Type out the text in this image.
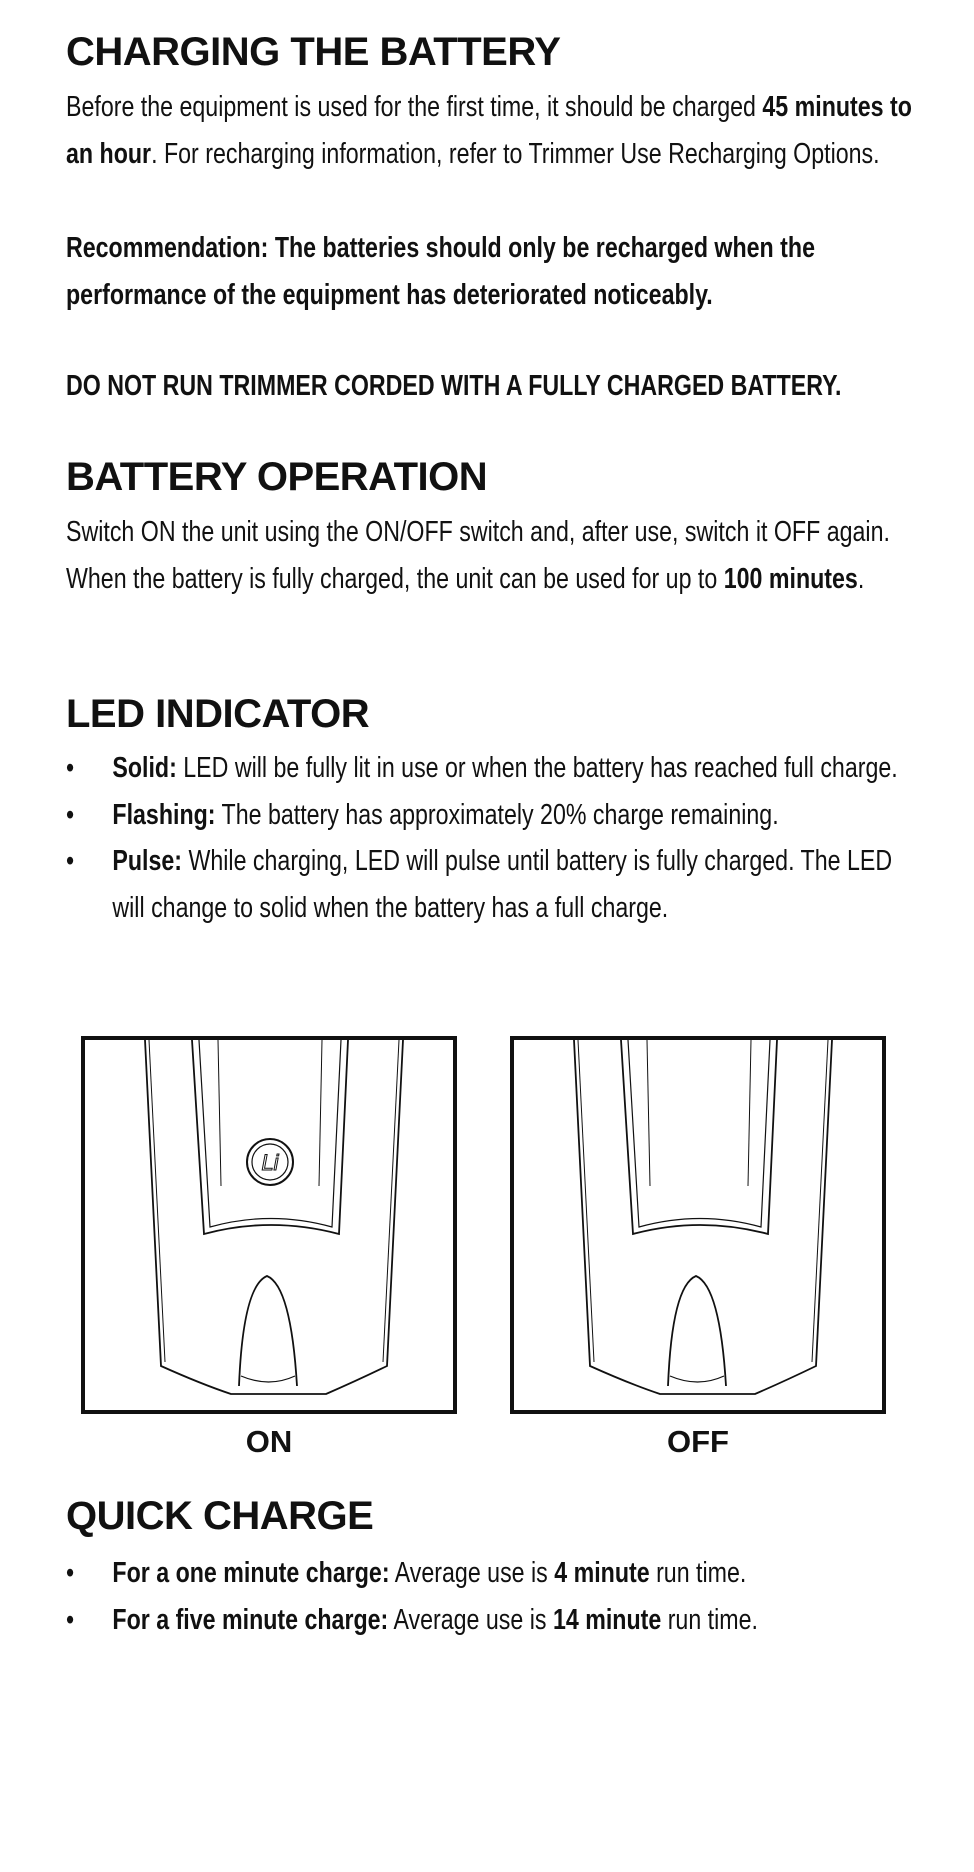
CHARGING THE BATTERY

Before the equipment is used for the first time, it should be charged 45 minutes to an hour. For recharging information, refer to Trimmer Use Recharging Options.

Recommendation: The batteries should only be recharged when the performance of the equipment has deteriorated noticeably.

DO NOT RUN TRIMMER CORDED WITH A FULLY CHARGED BATTERY.

BATTERY OPERATION

Switch ON the unit using the ON/OFF switch and, after use, switch it OFF again. When the battery is fully charged, the unit can be used for up to 100 minutes.

LED INDICATOR
• Solid: LED will be fully lit in use or when the battery has reached full charge.
• Flashing: The battery has approximately 20% charge remaining.
• Pulse: While charging, LED will pulse until battery is fully charged. The LED will change to solid when the battery has a full charge.
Li
ON	OFF
QUICK CHARGE
• For a one minute charge: Average use is 4 minute run time.
• For a five minute charge: Average use is 14 minute run time.
